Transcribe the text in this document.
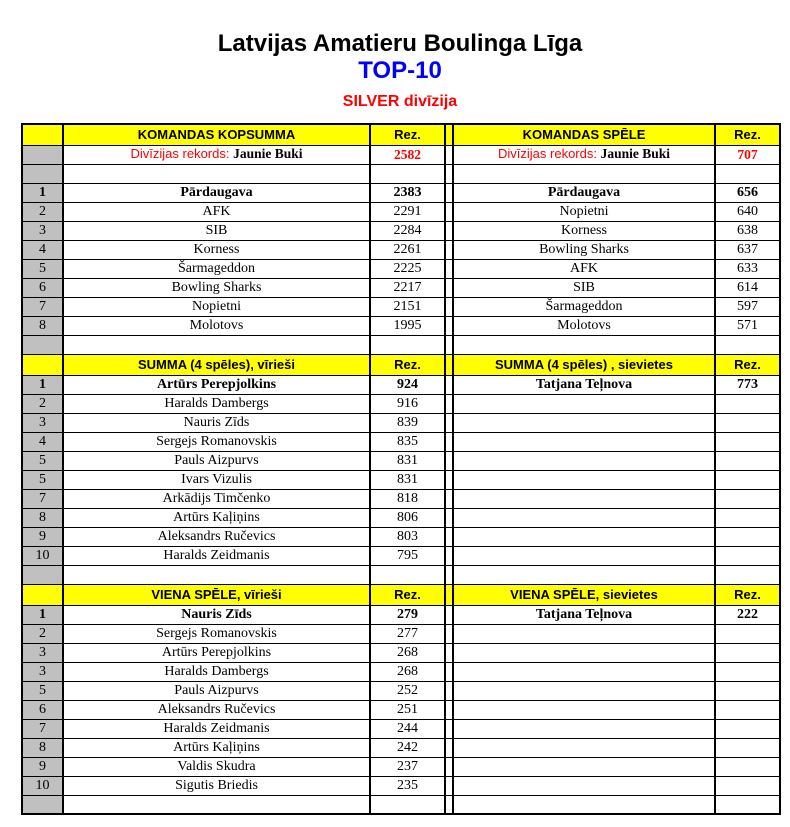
Latvijas Amatieru Boulinga Līga
TOP-10
SILVER divīzija
	KOMANDAS KOPSUMMA	Rez.		KOMANDAS SPĒLE	Rez.
	Divīzijas rekords: Jaunie Buki	2582		Divīzijas rekords: Jaunie Buki	707

1	Pārdaugava	2383		Pārdaugava	656
2	AFK	2291		Nopietni	640
3	SIB	2284		Korness	638
4	Korness	2261		Bowling Sharks	637
5	Šarmageddon	2225		AFK	633
6	Bowling Sharks	2217		SIB	614
7	Nopietni	2151		Šarmageddon	597
8	Molotovs	1995		Molotovs	571

	SUMMA (4 spēles), vīrieši	Rez.		SUMMA (4 spēles) , sievietes	Rez.
1	Artūrs Perepjolkins	924		Tatjana Teļnova	773
2	Haralds Dambergs	916			
3	Nauris Zīds	839			
4	Sergejs Romanovskis	835			
5	Pauls Aizpurvs	831			
5	Ivars Vizulis	831			
7	Arkādijs Timčenko	818			
8	Artūrs Kaļiņins	806			
9	Aleksandrs Ručevics	803			
10	Haralds Zeidmanis	795			

	VIENA SPĒLE, vīrieši	Rez.		VIENA SPĒLE, sievietes	Rez.
1	Nauris Zīds	279		Tatjana Teļnova	222
2	Sergejs Romanovskis	277			
3	Artūrs Perepjolkins	268			
3	Haralds Dambergs	268			
5	Pauls Aizpurvs	252			
6	Aleksandrs Ručevics	251			
7	Haralds Zeidmanis	244			
8	Artūrs Kaļiņins	242			
9	Valdis Skudra	237			
10	Sigutis Briedis	235			
